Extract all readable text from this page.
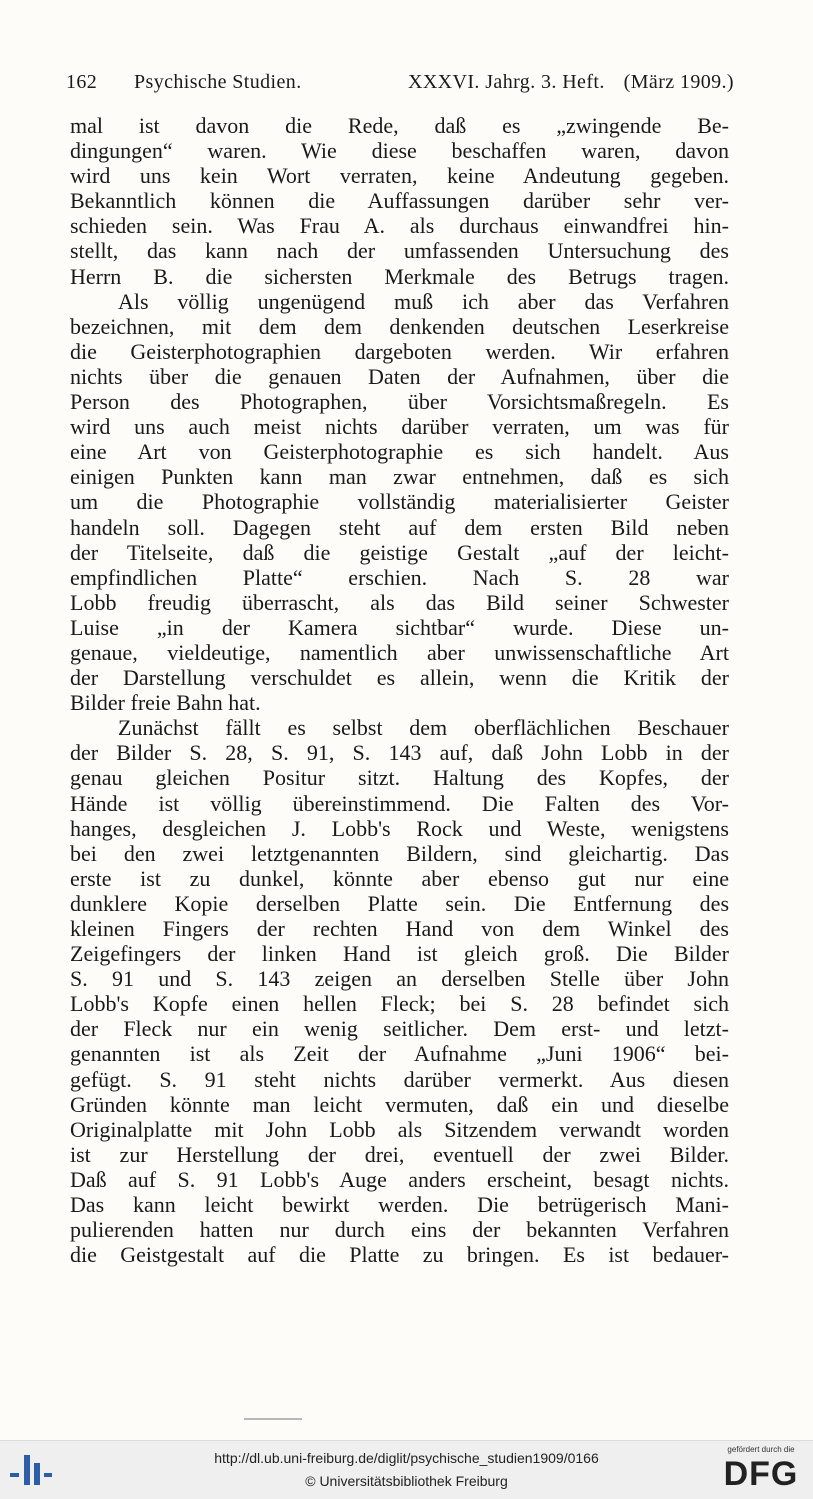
162 Psychische Studien.	XXXVI. Jahrg. 3. Heft. (März 1909.)
mal ist davon die Rede, daß es „zwingende Be-
dingungen“ waren. Wie diese beschaffen waren, davon
wird uns kein Wort verraten, keine Andeutung gegeben.
Bekanntlich können die Auffassungen darüber sehr ver-
schieden sein. Was Frau A. als durchaus einwandfrei hin-
stellt, das kann nach der umfassenden Untersuchung des
Herrn B. die sichersten Merkmale des Betrugs tragen.
Als völlig ungenügend muß ich aber das Verfahren
bezeichnen, mit dem dem denkenden deutschen Leserkreise
die Geisterphotographien dargeboten werden. Wir erfahren
nichts über die genauen Daten der Aufnahmen, über die
Person des Photographen, über Vorsichtsmaßregeln. Es
wird uns auch meist nichts darüber verraten, um was für
eine Art von Geisterphotographie es sich handelt. Aus
einigen Punkten kann man zwar entnehmen, daß es sich
um die Photographie vollständig materialisierter Geister
handeln soll. Dagegen steht auf dem ersten Bild neben
der Titelseite, daß die geistige Gestalt „auf der leicht-
empfindlichen Platte“ erschien. Nach S. 28 war
Lobb freudig überrascht, als das Bild seiner Schwester
Luise „in der Kamera sichtbar“ wurde. Diese un-
genaue, vieldeutige, namentlich aber unwissenschaftliche Art
der Darstellung verschuldet es allein, wenn die Kritik der
Bilder freie Bahn hat.
Zunächst fällt es selbst dem oberflächlichen Beschauer
der Bilder S. 28, S. 91, S. 143 auf, daß John Lobb in der
genau gleichen Positur sitzt. Haltung des Kopfes, der
Hände ist völlig übereinstimmend. Die Falten des Vor-
hanges, desgleichen J. Lobb's Rock und Weste, wenigstens
bei den zwei letztgenannten Bildern, sind gleichartig. Das
erste ist zu dunkel, könnte aber ebenso gut nur eine
dunklere Kopie derselben Platte sein. Die Entfernung des
kleinen Fingers der rechten Hand von dem Winkel des
Zeigefingers der linken Hand ist gleich groß. Die Bilder
S. 91 und S. 143 zeigen an derselben Stelle über John
Lobb's Kopfe einen hellen Fleck; bei S. 28 befindet sich
der Fleck nur ein wenig seitlicher. Dem erst- und letzt-
genannten ist als Zeit der Aufnahme „Juni 1906“ bei-
gefügt. S. 91 steht nichts darüber vermerkt. Aus diesen
Gründen könnte man leicht vermuten, daß ein und dieselbe
Originalplatte mit John Lobb als Sitzendem verwandt worden
ist zur Herstellung der drei, eventuell der zwei Bilder.
Daß auf S. 91 Lobb's Auge anders erscheint, besagt nichts.
Das kann leicht bewirkt werden. Die betrügerisch Mani-
pulierenden hatten nur durch eins der bekannten Verfahren
die Geistgestalt auf die Platte zu bringen. Es ist bedauer-
http://dl.ub.uni-freiburg.de/diglit/psychische_studien1909/0166
© Universitätsbibliothek Freiburg
gefördert durch die
DFG
